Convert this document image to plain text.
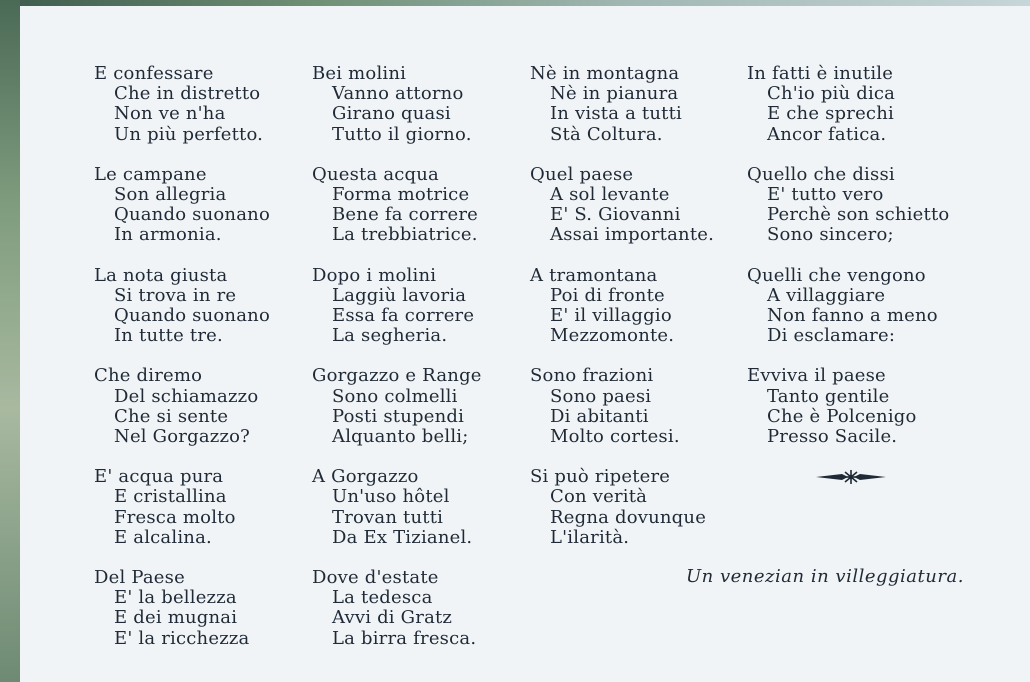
E confessare
Che in distretto
Non ve n'ha
Un più perfetto.
Le campane
Son allegria
Quando suonano
In armonia.
La nota giusta
Si trova in re
Quando suonano
In tutte tre.
Che diremo
Del schiamazzo
Che si sente
Nel Gorgazzo?
E' acqua pura
E cristallina
Fresca molto
E alcalina.
Del Paese
E' la bellezza
E dei mugnai
E' la ricchezza
Bei molini
Vanno attorno
Girano quasi
Tutto il giorno.
Questa acqua
Forma motrice
Bene fa correre
La trebbiatrice.
Dopo i molini
Laggiù lavoria
Essa fa correre
La segheria.
Gorgazzo e Range
Sono colmelli
Posti stupendi
Alquanto belli;
A Gorgazzo
Un'uso hôtel
Trovan tutti
Da Ex Tizianel.
Dove d'estate
La tedesca
Avvi di Gratz
La birra fresca.
Nè in montagna
Nè in pianura
In vista a tutti
Stà Coltura.
Quel paese
A sol levante
E' S. Giovanni
Assai importante.
A tramontana
Poi di fronte
E' il villaggio
Mezzomonte.
Sono frazioni
Sono paesi
Di abitanti
Molto cortesi.
Si può ripetere
Con verità
Regna dovunque
L'ilarità.
In fatti è inutile
Ch'io più dica
E che sprechi
Ancor fatica.
Quello che dissi
E' tutto vero
Perchè son schietto
Sono sincero;
Quelli che vengono
A villaggiare
Non fanno a meno
Di esclamare:
Evviva il paese
Tanto gentile
Che è Polcenigo
Presso Sacile.
Un venezian in villeggiatura.
